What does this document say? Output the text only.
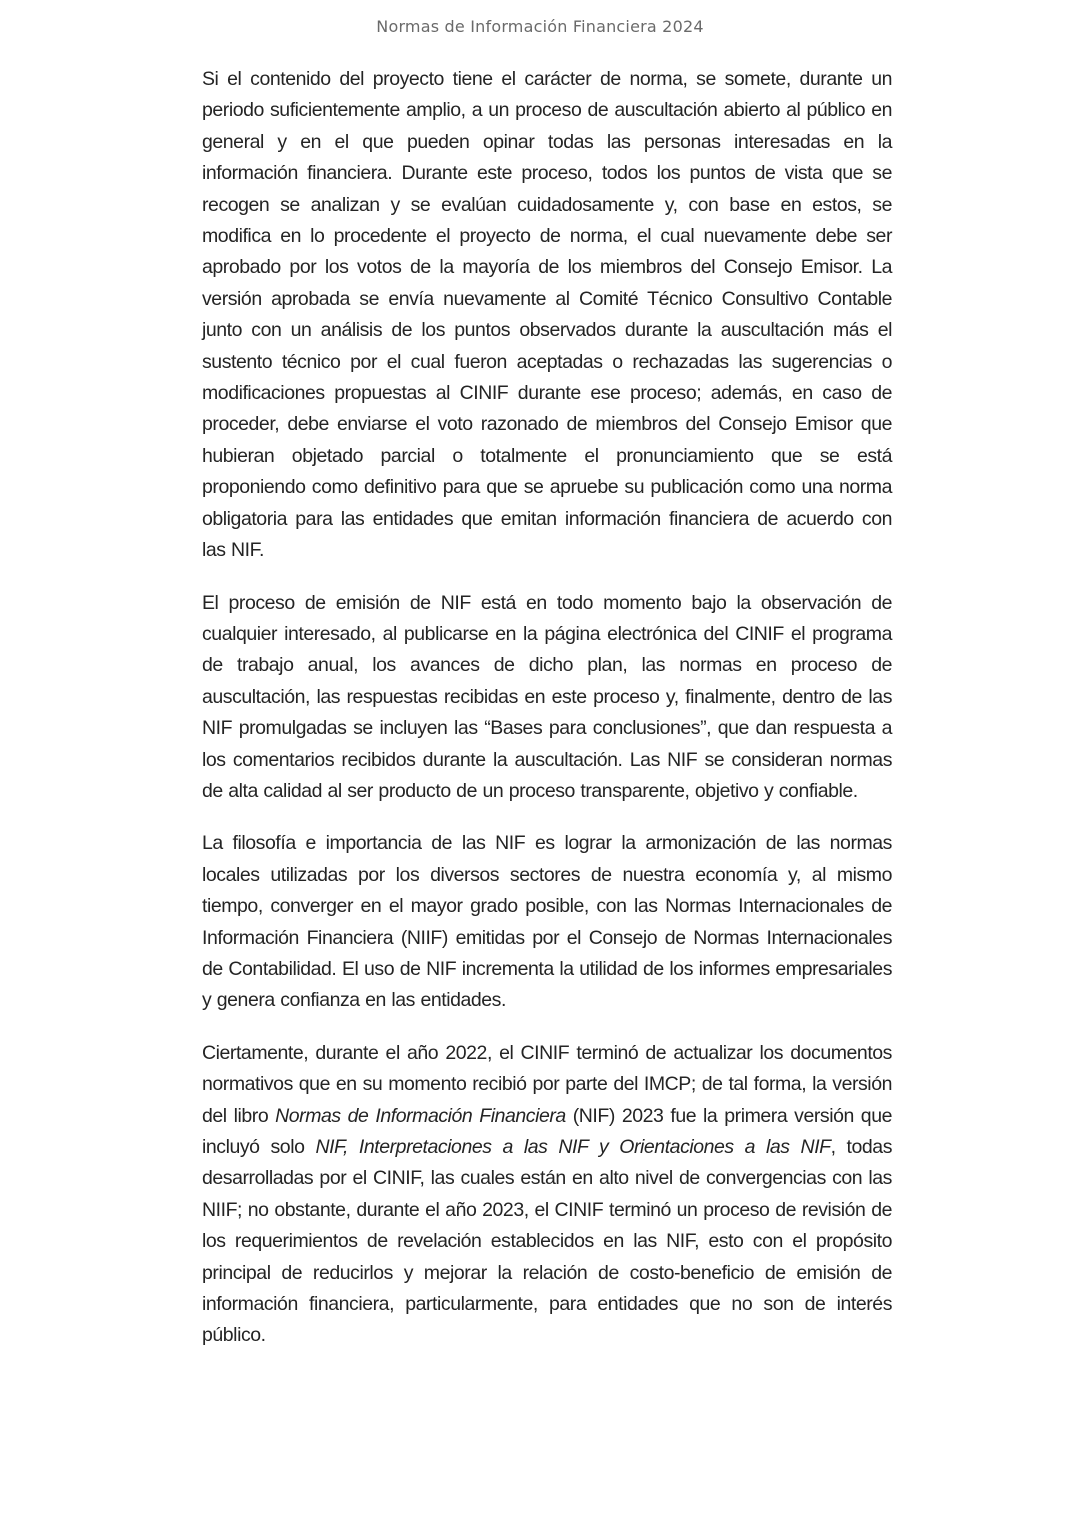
Normas de Información Financiera 2024

Si el contenido del proyecto tiene el carácter de norma, se somete, durante un periodo suficientemente amplio, a un proceso de auscultación abierto al público en general y en el que pueden opinar todas las personas interesadas en la información financiera. Durante este proceso, todos los puntos de vista que se recogen se analizan y se evalúan cuidadosamente y, con base en estos, se modifica en lo procedente el proyecto de norma, el cual nuevamente debe ser aprobado por los votos de la mayoría de los miembros del Consejo Emisor. La versión aprobada se envía nuevamente al Comité Técnico Consultivo Contable junto con un análisis de los puntos observados durante la auscultación más el sustento técnico por el cual fueron aceptadas o rechazadas las sugerencias o modificaciones propuestas al CINIF durante ese proceso; además, en caso de proceder, debe enviarse el voto razonado de miembros del Consejo Emisor que hubieran objetado parcial o totalmente el pronunciamiento que se está proponiendo como definitivo para que se apruebe su publicación como una norma obligatoria para las entidades que emitan información financiera de acuerdo con las NIF.

El proceso de emisión de NIF está en todo momento bajo la observación de cualquier interesado, al publicarse en la página electrónica del CINIF el programa de trabajo anual, los avances de dicho plan, las normas en proceso de auscultación, las respuestas recibidas en este proceso y, finalmente, dentro de las NIF promulgadas se incluyen las “Bases para conclusiones”, que dan respuesta a los comentarios recibidos durante la auscultación. Las NIF se consideran normas de alta calidad al ser producto de un proceso transparente, objetivo y confiable.

La filosofía e importancia de las NIF es lograr la armonización de las normas locales utilizadas por los diversos sectores de nuestra economía y, al mismo tiempo, converger en el mayor grado posible, con las Normas Internacionales de Información Financiera (NIIF) emitidas por el Consejo de Normas Internacionales de Contabilidad. El uso de NIF incrementa la utilidad de los informes empresariales y genera confianza en las entidades.

Ciertamente, durante el año 2022, el CINIF terminó de actualizar los documentos normativos que en su momento recibió por parte del IMCP; de tal forma, la versión del libro Normas de Información Financiera (NIF) 2023 fue la primera versión que incluyó solo NIF, Interpretaciones a las NIF y Orientaciones a las NIF, todas desarrolladas por el CINIF, las cuales están en alto nivel de convergencias con las NIIF; no obstante, durante el año 2023, el CINIF terminó un proceso de revisión de los requerimientos de revelación establecidos en las NIF, esto con el propósito principal de reducirlos y mejorar la relación de costo-beneficio de emisión de información financiera, particularmente, para entidades que no son de interés público.
